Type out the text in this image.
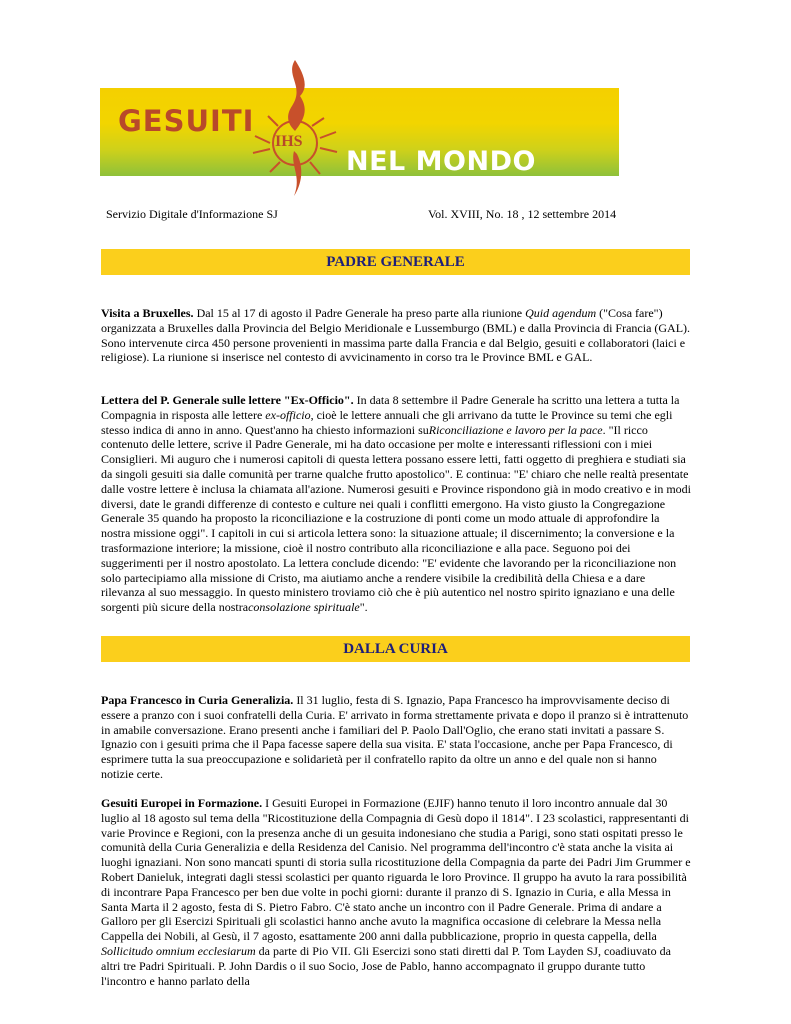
GESUITI
IHS
NEL MONDO
Servizio Digitale d'Informazione SJ	Vol. XVIII, No. 18 , 12 settembre 2014
PADRE GENERALE
Visita a Bruxelles. Dal 15 al 17 di agosto il Padre Generale ha preso parte alla riunione Quid agendum ("Cosa fare") organizzata a Bruxelles dalla Provincia del Belgio Meridionale e Lussemburgo (BML) e dalla Provincia di Francia (GAL). Sono intervenute circa 450 persone provenienti in massima parte dalla Francia e dal Belgio, gesuiti e collaboratori (laici e religiose). La riunione si inserisce nel contesto di avvicinamento in corso tra le Province BML e GAL.
Lettera del P. Generale sulle lettere "Ex-Officio". In data 8 settembre il Padre Generale ha scritto una lettera a tutta la Compagnia in risposta alle lettere ex-officio, cioè le lettere annuali che gli arrivano da tutte le Province su temi che egli stesso indica di anno in anno. Quest'anno ha chiesto informazioni suRiconciliazione e lavoro per la pace. "Il ricco contenuto delle lettere, scrive il Padre Generale, mi ha dato occasione per molte e interessanti riflessioni con i miei Consiglieri. Mi auguro che i numerosi capitoli di questa lettera possano essere letti, fatti oggetto di preghiera e studiati sia da singoli gesuiti sia dalle comunità per trarne qualche frutto apostolico". E continua: "E' chiaro che nelle realtà presentate dalle vostre lettere è inclusa la chiamata all'azione. Numerosi gesuiti e Province rispondono già in modo creativo e in modi diversi, date le grandi differenze di contesto e culture nei quali i conflitti emergono. Ha visto giusto la Congregazione Generale 35 quando ha proposto la riconciliazione e la costruzione di ponti come un modo attuale di approfondire la nostra missione oggi". I capitoli in cui si articola lettera sono: la situazione attuale; il discernimento; la conversione e la trasformazione interiore; la missione, cioè il nostro contributo alla riconciliazione e alla pace. Seguono poi dei suggerimenti per il nostro apostolato. La lettera conclude dicendo: "E' evidente che lavorando per la riconciliazione non solo partecipiamo alla missione di Cristo, ma aiutiamo anche a rendere visibile la credibilità della Chiesa e a dare rilevanza al suo messaggio. In questo ministero troviamo ciò che è più autentico nel nostro spirito ignaziano e una delle sorgenti più sicure della nostraconsolazione spirituale".
DALLA CURIA
Papa Francesco in Curia Generalizia. Il 31 luglio, festa di S. Ignazio, Papa Francesco ha improvvisamente deciso di essere a pranzo con i suoi confratelli della Curia. E' arrivato in forma strettamente privata e dopo il pranzo si è intrattenuto in amabile conversazione. Erano presenti anche i familiari del P. Paolo Dall'Oglio, che erano stati invitati a passare S. Ignazio con i gesuiti prima che il Papa facesse sapere della sua visita. E' stata l'occasione, anche per Papa Francesco, di esprimere tutta la sua preoccupazione e solidarietà per il confratello rapito da oltre un anno e del quale non si hanno notizie certe.
Gesuiti Europei in Formazione. I Gesuiti Europei in Formazione (EJIF) hanno tenuto il loro incontro annuale dal 30 luglio al 18 agosto sul tema della "Ricostituzione della Compagnia di Gesù dopo il 1814". I 23 scolastici, rappresentanti di varie Province e Regioni, con la presenza anche di un gesuita indonesiano che studia a Parigi, sono stati ospitati presso le comunità della Curia Generalizia e della Residenza del Canisio. Nel programma dell'incontro c'è stata anche la visita ai luoghi ignaziani. Non sono mancati spunti di storia sulla ricostituzione della Compagnia da parte dei Padri Jim Grummer e Robert Danieluk, integrati dagli stessi scolastici per quanto riguarda le loro Province. Il gruppo ha avuto la rara possibilità di incontrare Papa Francesco per ben due volte in pochi giorni: durante il pranzo di S. Ignazio in Curia, e alla Messa in Santa Marta il 2 agosto, festa di S. Pietro Fabro. C'è stato anche un incontro con il Padre Generale. Prima di andare a Galloro per gli Esercizi Spirituali gli scolastici hanno anche avuto la magnifica occasione di celebrare la Messa nella Cappella dei Nobili, al Gesù, il 7 agosto, esattamente 200 anni dalla pubblicazione, proprio in questa cappella, della Sollicitudo omnium ecclesiarum da parte di Pio VII. Gli Esercizi sono stati diretti dal P. Tom Layden SJ, coadiuvato da altri tre Padri Spirituali. P. John Dardis o il suo Socio, Jose de Pablo, hanno accompagnato il gruppo durante tutto l'incontro e hanno parlato della
